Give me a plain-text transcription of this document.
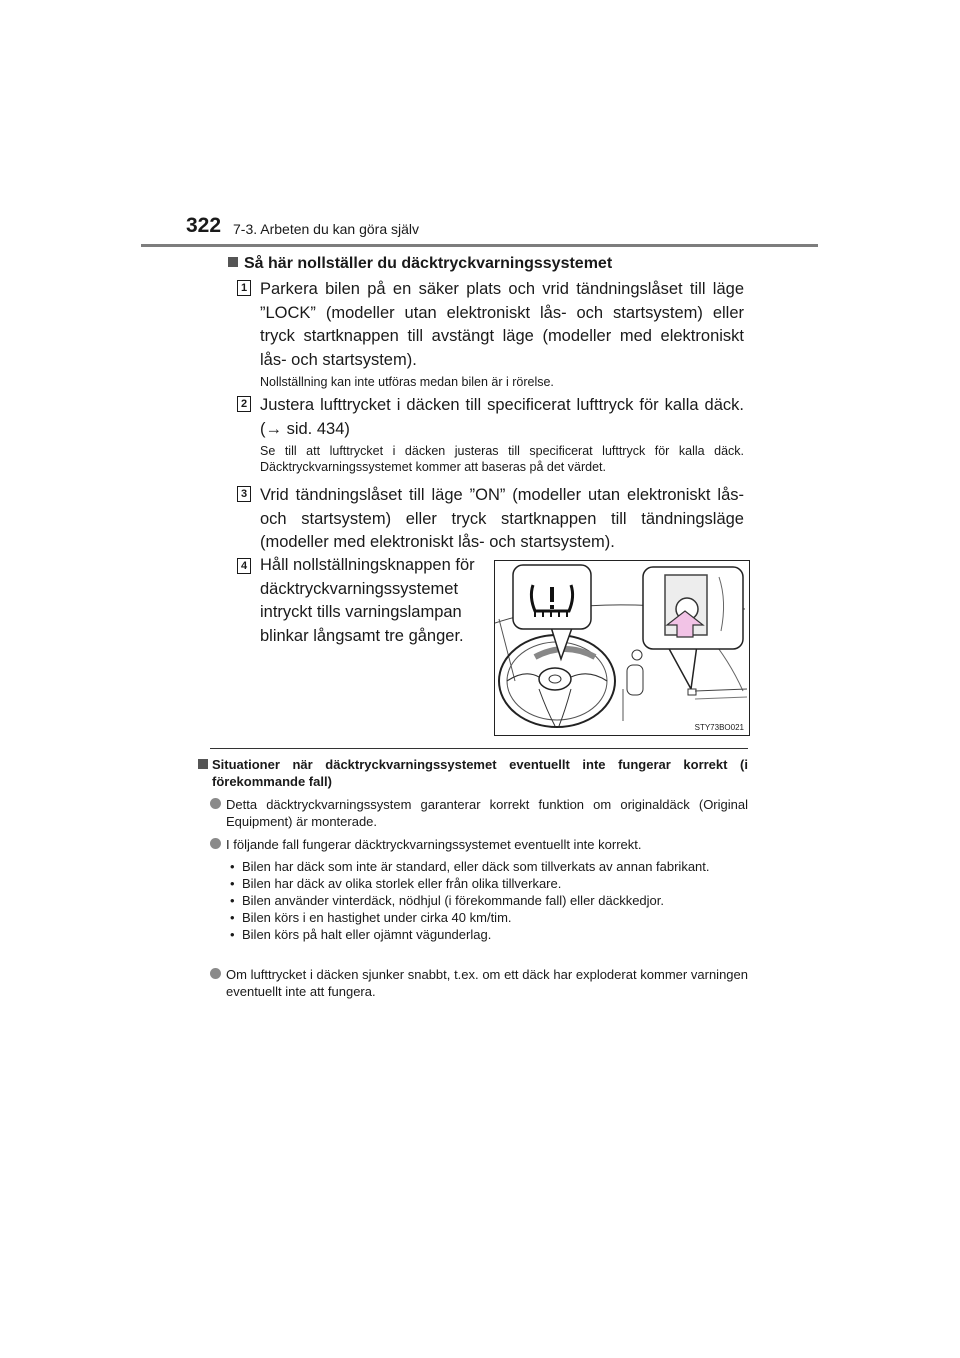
322 7-3. Arbeten du kan göra själv
Så här nollställer du däcktryckvarningssystemet
1 Parkera bilen på en säker plats och vrid tändningslåset till läge ”LOCK” (modeller utan elektroniskt lås- och startsystem) eller tryck startknappen till avstängt läge (modeller med elektroniskt lås- och startsystem).
Nollställning kan inte utföras medan bilen är i rörelse.
2 Justera lufttrycket i däcken till specificerat lufttryck för kalla däck. (→ sid. 434)
Se till att lufttrycket i däcken justeras till specificerat lufttryck för kalla däck. Däcktryckvarningssystemet kommer att baseras på det värdet.
3 Vrid tändningslåset till läge ”ON” (modeller utan elektroniskt lås- och startsystem) eller tryck startknappen till tändningsläge (modeller med elektroniskt lås- och startsystem).
4 Håll nollställningsknappen för däcktryckvarningssystemet intryckt tills varningslampan blinkar långsamt tre gånger.
STY73BO021
Situationer när däcktryckvarningssystemet eventuellt inte fungerar korrekt (i förekommande fall)
Detta däcktryckvarningssystem garanterar korrekt funktion om originaldäck (Original Equipment) är monterade.
I följande fall fungerar däcktryckvarningssystemet eventuellt inte korrekt.
• Bilen har däck som inte är standard, eller däck som tillverkats av annan fabrikant.
• Bilen har däck av olika storlek eller från olika tillverkare.
• Bilen använder vinterdäck, nödhjul (i förekommande fall) eller däckkedjor.
• Bilen körs i en hastighet under cirka 40 km/tim.
• Bilen körs på halt eller ojämnt vägunderlag.
Om lufttrycket i däcken sjunker snabbt, t.ex. om ett däck har exploderat kommer varningen eventuellt inte att fungera.
